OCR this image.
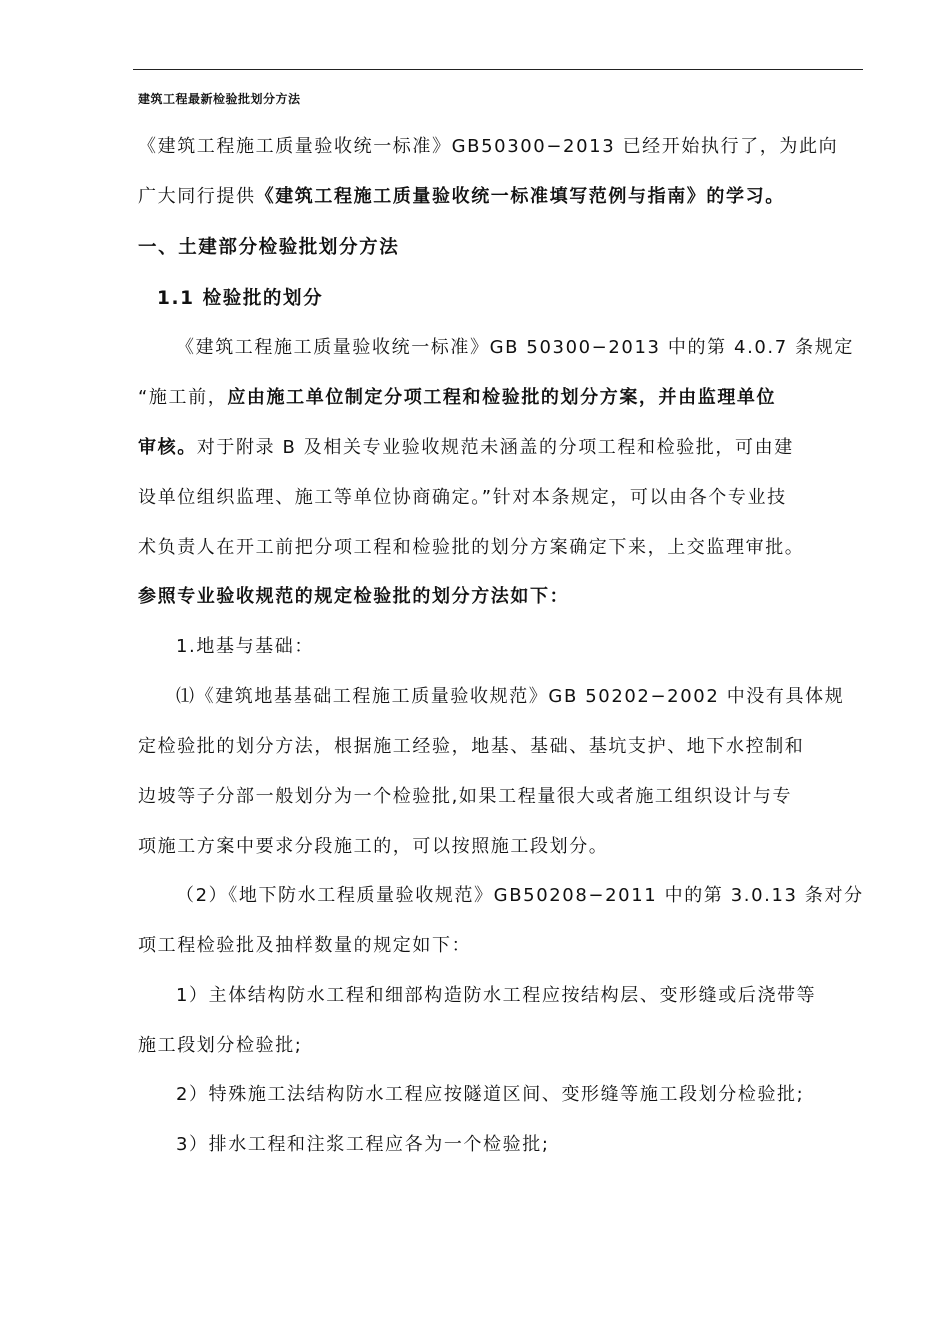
建筑工程最新检验批划分方法
《建筑工程施工质量验收统一标准》GB50300−2013 已经开始执行了，为此向
广大同行提供《建筑工程施工质量验收统一标准填写范例与指南》的学习。
一、土建部分检验批划分方法
1.1 检验批的划分
《建筑工程施工质量验收统一标准》GB 50300−2013 中的第 4.0.7 条规定
“施工前，应由施工单位制定分项工程和检验批的划分方案，并由监理单位
审核。对于附录 B 及相关专业验收规范未涵盖的分项工程和检验批，可由建
设单位组织监理、施工等单位协商确定。”针对本条规定，可以由各个专业技
术负责人在开工前把分项工程和检验批的划分方案确定下来，上交监理审批。
参照专业验收规范的规定检验批的划分方法如下：
1.地基与基础：
⑴《建筑地基基础工程施工质量验收规范》GB 50202−2002 中没有具体规
定检验批的划分方法，根据施工经验，地基、基础、基坑支护、地下水控制和
边坡等子分部一般划分为一个检验批,如果工程量很大或者施工组织设计与专
项施工方案中要求分段施工的，可以按照施工段划分。
（2）《地下防水工程质量验收规范》GB50208−2011 中的第 3.0.13 条对分
项工程检验批及抽样数量的规定如下：
1）主体结构防水工程和细部构造防水工程应按结构层、变形缝或后浇带等
施工段划分检验批;
2）特殊施工法结构防水工程应按隧道区间、变形缝等施工段划分检验批;
3）排水工程和注浆工程应各为一个检验批;
